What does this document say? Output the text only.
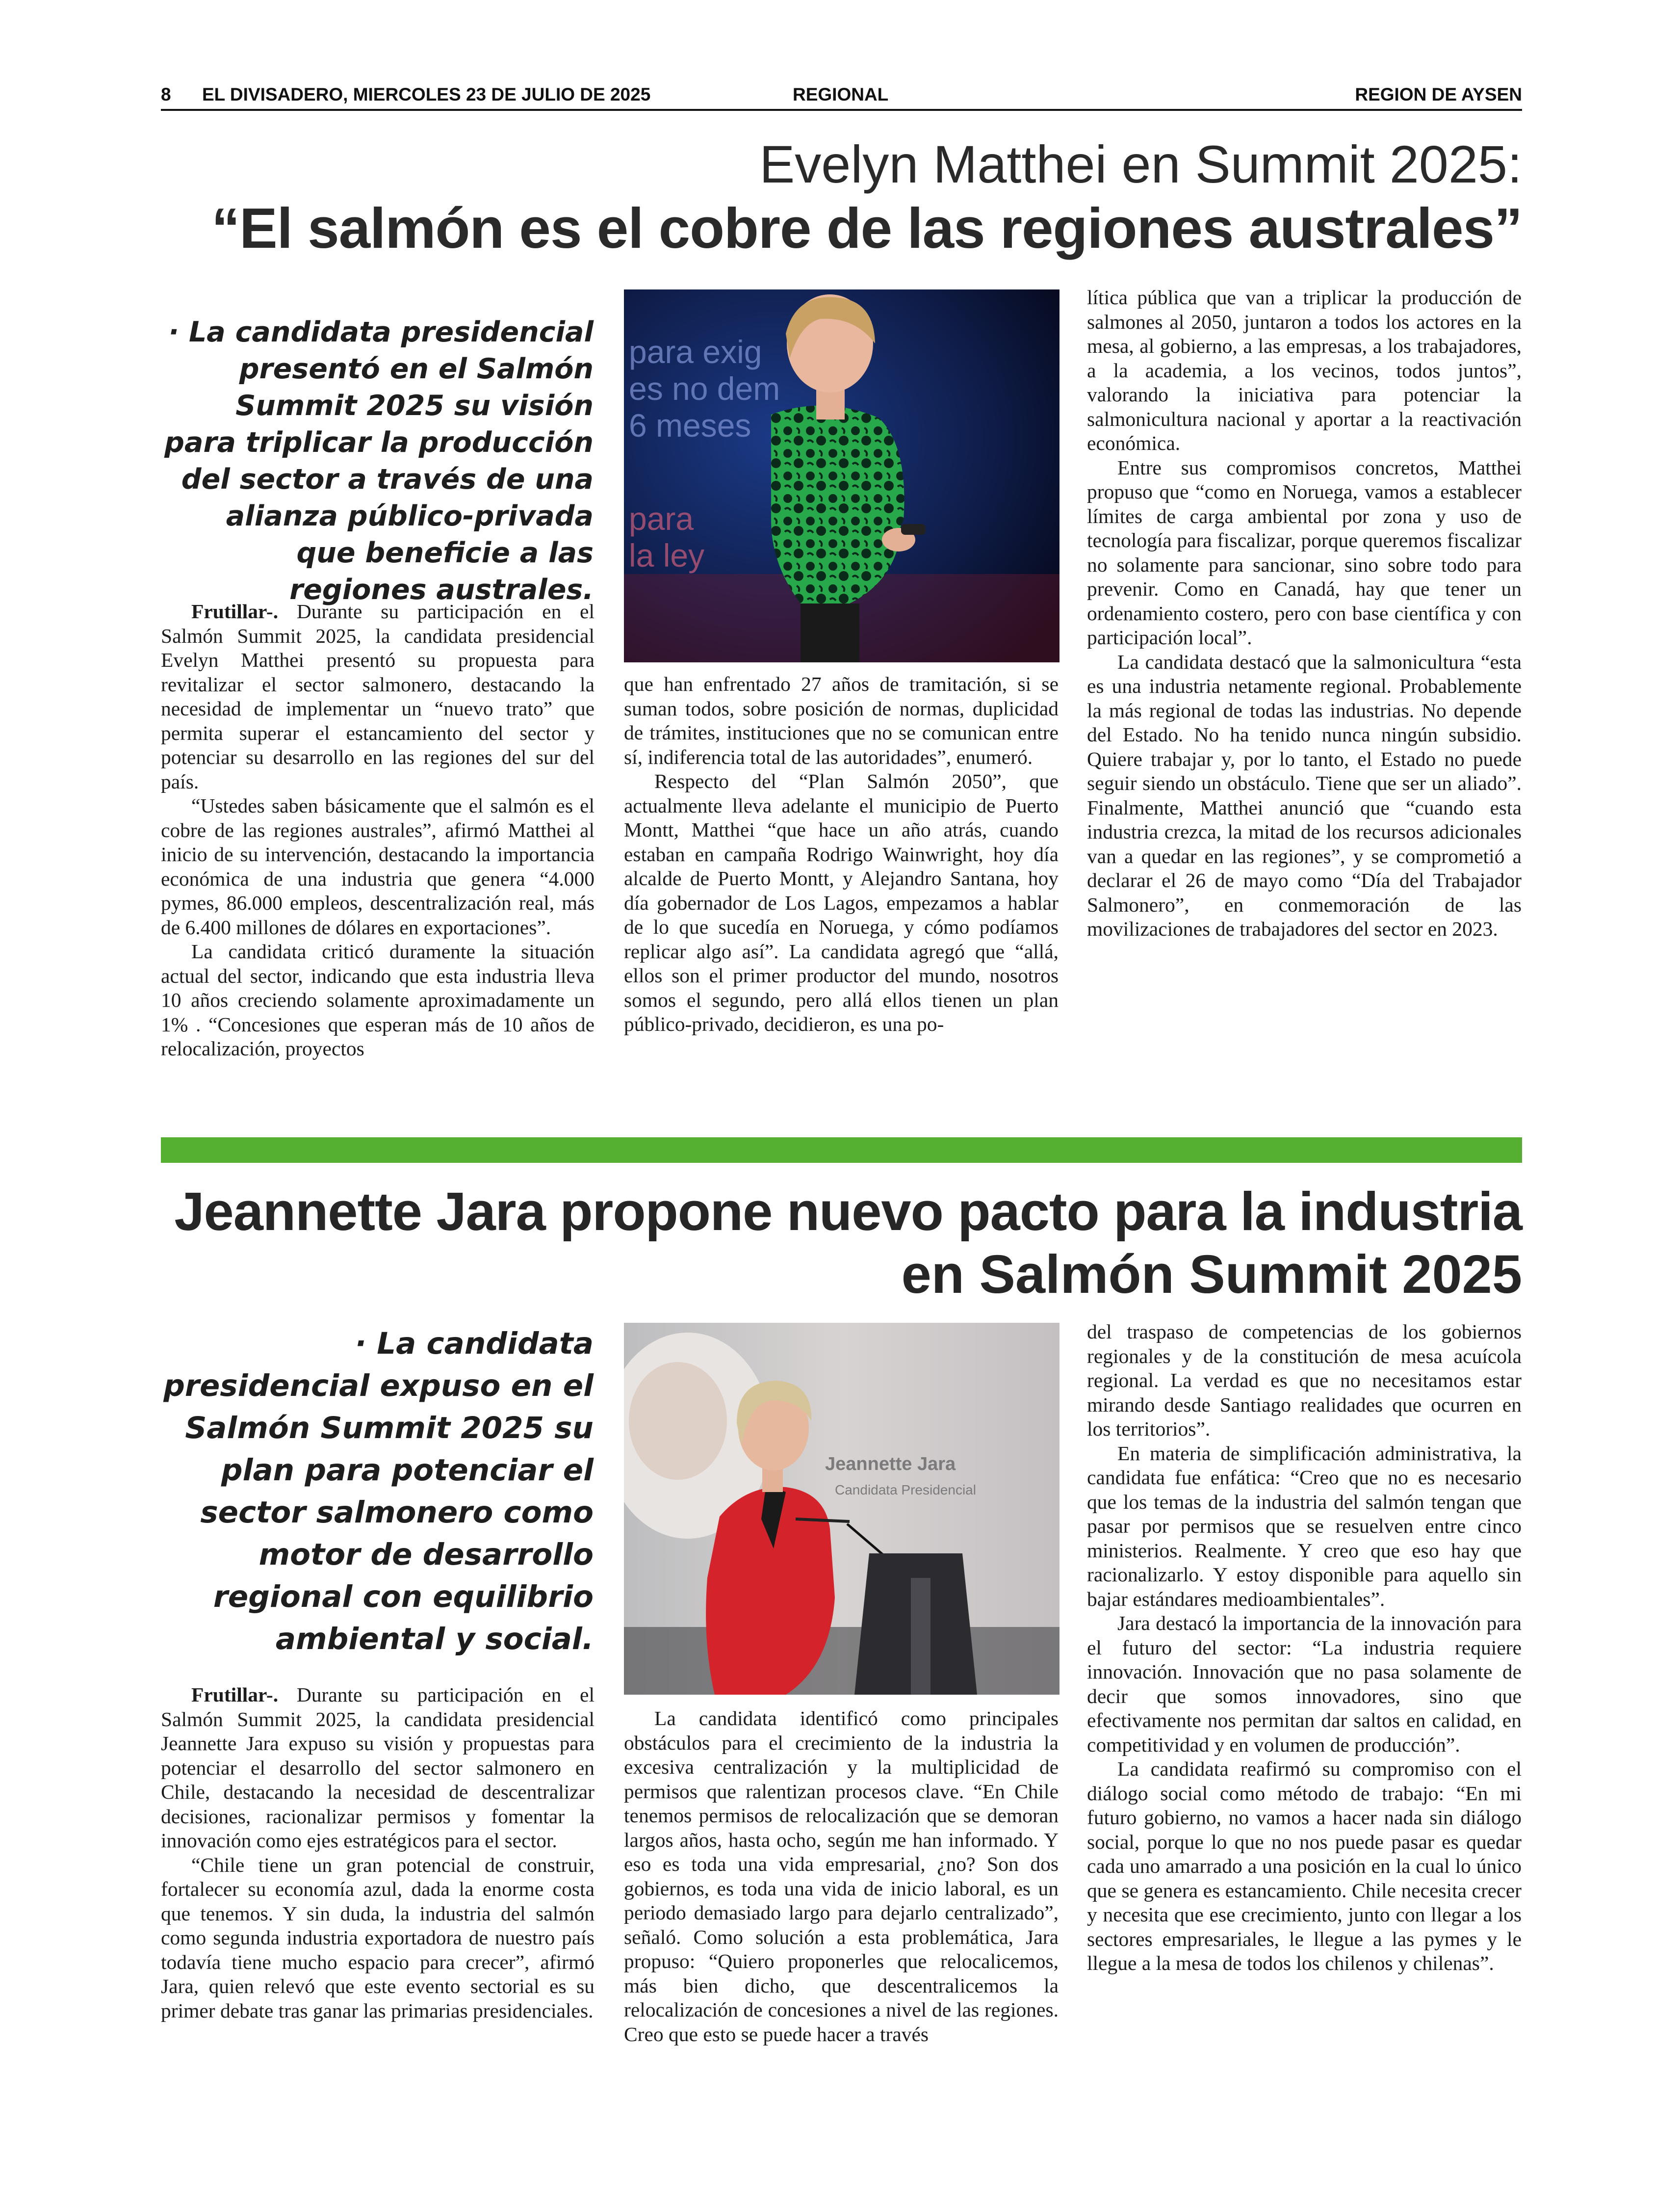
8 EL DIVISADERO, MIERCOLES 23 DE JULIO DE 2025	REGIONAL	REGION DE AYSEN
Evelyn Matthei en Summit 2025:
“El salmón es el cobre de las regiones australes”
· La candidata presidencial presentó en el Salmón Summit 2025 su visión para triplicar la producción del sector a través de una alianza público-privada que beneficie a las regiones australes.

Frutillar-. Durante su participación en el Salmón Summit 2025, la candidata presidencial Evelyn Matthei presentó su propuesta para revitalizar el sector salmonero, destacando la necesidad de implementar un “nuevo trato” que permita superar el estancamiento del sector y potenciar su desarrollo en las regiones del sur del país.

“Ustedes saben básicamente que el salmón es el cobre de las regiones australes”, afirmó Matthei al inicio de su intervención, destacando la importancia económica de una industria que genera “4.000 pymes, 86.000 empleos, descentralización real, más de 6.400 millones de dólares en exportaciones”.

La candidata criticó duramente la situación actual del sector, indicando que esta industria lleva 10 años creciendo solamente aproximadamente un 1% . “Concesiones que esperan más de 10 años de relocalización, proyectos

para exig
es no dem
6 meses
para
la ley

que han enfrentado 27 años de tramitación, si se suman todos, sobre posición de normas, duplicidad de trámites, instituciones que no se comunican entre sí, indiferencia total de las autoridades”, enumeró.

Respecto del “Plan Salmón 2050”, que actualmente lleva adelante el municipio de Puerto Montt, Matthei “que hace un año atrás, cuando estaban en campaña Rodrigo Wainwright, hoy día alcalde de Puerto Montt, y Alejandro Santana, hoy día gobernador de Los Lagos, empezamos a hablar de lo que sucedía en Noruega, y cómo podíamos replicar algo así”. La candidata agregó que “allá, ellos son el primer productor del mundo, nosotros somos el segundo, pero allá ellos tienen un plan público-privado, decidieron, es una po-

lítica pública que van a triplicar la producción de salmones al 2050, juntaron a todos los actores en la mesa, al gobierno, a las empresas, a los trabajadores, a la academia, a los vecinos, todos juntos”, valorando la iniciativa para potenciar la salmonicultura nacional y aportar a la reactivación económica.

Entre sus compromisos concretos, Matthei propuso que “como en Noruega, vamos a establecer límites de carga ambiental por zona y uso de tecnología para fiscalizar, porque queremos fiscalizar no solamente para sancionar, sino sobre todo para prevenir. Como en Canadá, hay que tener un ordenamiento costero, pero con base científica y con participación local”.

La candidata destacó que la salmonicultura “esta es una industria netamente regional. Probablemente la más regional de todas las industrias. No depende del Estado. No ha tenido nunca ningún subsidio. Quiere trabajar y, por lo tanto, el Estado no puede seguir siendo un obstáculo. Tiene que ser un aliado”. Finalmente, Matthei anunció que “cuando esta industria crezca, la mitad de los recursos adicionales van a quedar en las regiones”, y se comprometió a declarar el 26 de mayo como “Día del Trabajador Salmonero”, en conmemoración de las movilizaciones de trabajadores del sector en 2023.

Jeannette Jara propone nuevo pacto para la industria
en Salmón Summit 2025
· La candidata presidencial expuso en el Salmón Summit 2025 su plan para potenciar el sector salmonero como motor de desarrollo regional con equilibrio ambiental y social.

Frutillar-. Durante su participación en el Salmón Summit 2025, la candidata presidencial Jeannette Jara expuso su visión y propuestas para potenciar el desarrollo del sector salmonero en Chile, destacando la necesidad de descentralizar decisiones, racionalizar permisos y fomentar la innovación como ejes estratégicos para el sector.

“Chile tiene un gran potencial de construir, fortalecer su economía azul, dada la enorme costa que tenemos. Y sin duda, la industria del salmón como segunda industria exportadora de nuestro país todavía tiene mucho espacio para crecer”, afirmó Jara, quien relevó que este evento sectorial es su primer debate tras ganar las primarias presidenciales.

Jeannette Jara
Candidata Presidencial

La candidata identificó como principales obstáculos para el crecimiento de la industria la excesiva centralización y la multiplicidad de permisos que ralentizan procesos clave. “En Chile tenemos permisos de relocalización que se demoran largos años, hasta ocho, según me han informado. Y eso es toda una vida empresarial, ¿no? Son dos gobiernos, es toda una vida de inicio laboral, es un periodo demasiado largo para dejarlo centralizado”, señaló. Como solución a esta problemática, Jara propuso: “Quiero proponerles que relocalicemos, más bien dicho, que descentralicemos la relocalización de concesiones a nivel de las regiones. Creo que esto se puede hacer a través

del traspaso de competencias de los gobiernos regionales y de la constitución de mesa acuícola regional. La verdad es que no necesitamos estar mirando desde Santiago realidades que ocurren en los territorios”.

En materia de simplificación administrativa, la candidata fue enfática: “Creo que no es necesario que los temas de la industria del salmón tengan que pasar por permisos que se resuelven entre cinco ministerios. Realmente. Y creo que eso hay que racionalizarlo. Y estoy disponible para aquello sin bajar estándares medioambientales”.

Jara destacó la importancia de la innovación para el futuro del sector: “La industria requiere innovación. Innovación que no pasa solamente de decir que somos innovadores, sino que efectivamente nos permitan dar saltos en calidad, en competitividad y en volumen de producción”.

La candidata reafirmó su compromiso con el diálogo social como método de trabajo: “En mi futuro gobierno, no vamos a hacer nada sin diálogo social, porque lo que no nos puede pasar es quedar cada uno amarrado a una posición en la cual lo único que se genera es estancamiento. Chile necesita crecer y necesita que ese crecimiento, junto con llegar a los sectores empresariales, le llegue a las pymes y le llegue a la mesa de todos los chilenos y chilenas”.
